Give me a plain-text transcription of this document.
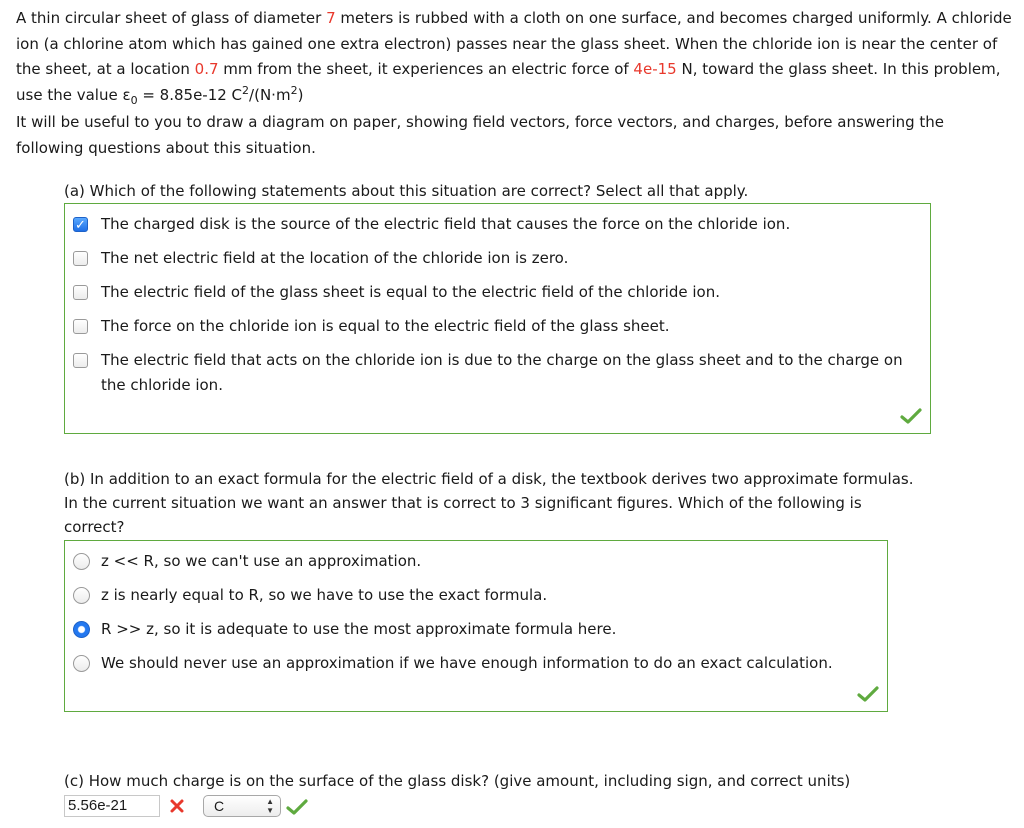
A thin circular sheet of glass of diameter 7 meters is rubbed with a cloth on one surface, and becomes charged uniformly. A chloride ion (a chlorine atom which has gained one extra electron) passes near the glass sheet. When the chloride ion is near the center of the sheet, at a location 0.7 mm from the sheet, it experiences an electric force of 4e-15 N, toward the glass sheet. In this problem, use the value $\varepsilon_0 = 8.85e-12$ $C^2/(N\cdot m^2)$

It will be useful to you to draw a diagram on paper, showing field vectors, force vectors, and charges, before answering the following questions about this situation.

(a) Which of the following statements about this situation are correct? Select all that apply.
✓
The charged disk is the source of the electric field that causes the force on the chloride ion.
The net electric field at the location of the chloride ion is zero.
The electric field of the glass sheet is equal to the electric field of the chloride ion.
The force on the chloride ion is equal to the electric field of the glass sheet.
The electric field that acts on the chloride ion is due to the charge on the glass sheet and to the charge on the chloride ion.
(b) In addition to an exact formula for the electric field of a disk, the textbook derives two approximate formulas. In the current situation we want an answer that is correct to 3 significant figures. Which of the following is correct?
z << R, so we can't use an approximation.
z is nearly equal to R, so we have to use the exact formula.
R >> z, so it is adequate to use the most approximate formula here.
We should never use an approximation if we have enough information to do an exact calculation.
(c) How much charge is on the surface of the glass disk? (give amount, including sign, and correct units)
5.56e-21	C	▲
▼
